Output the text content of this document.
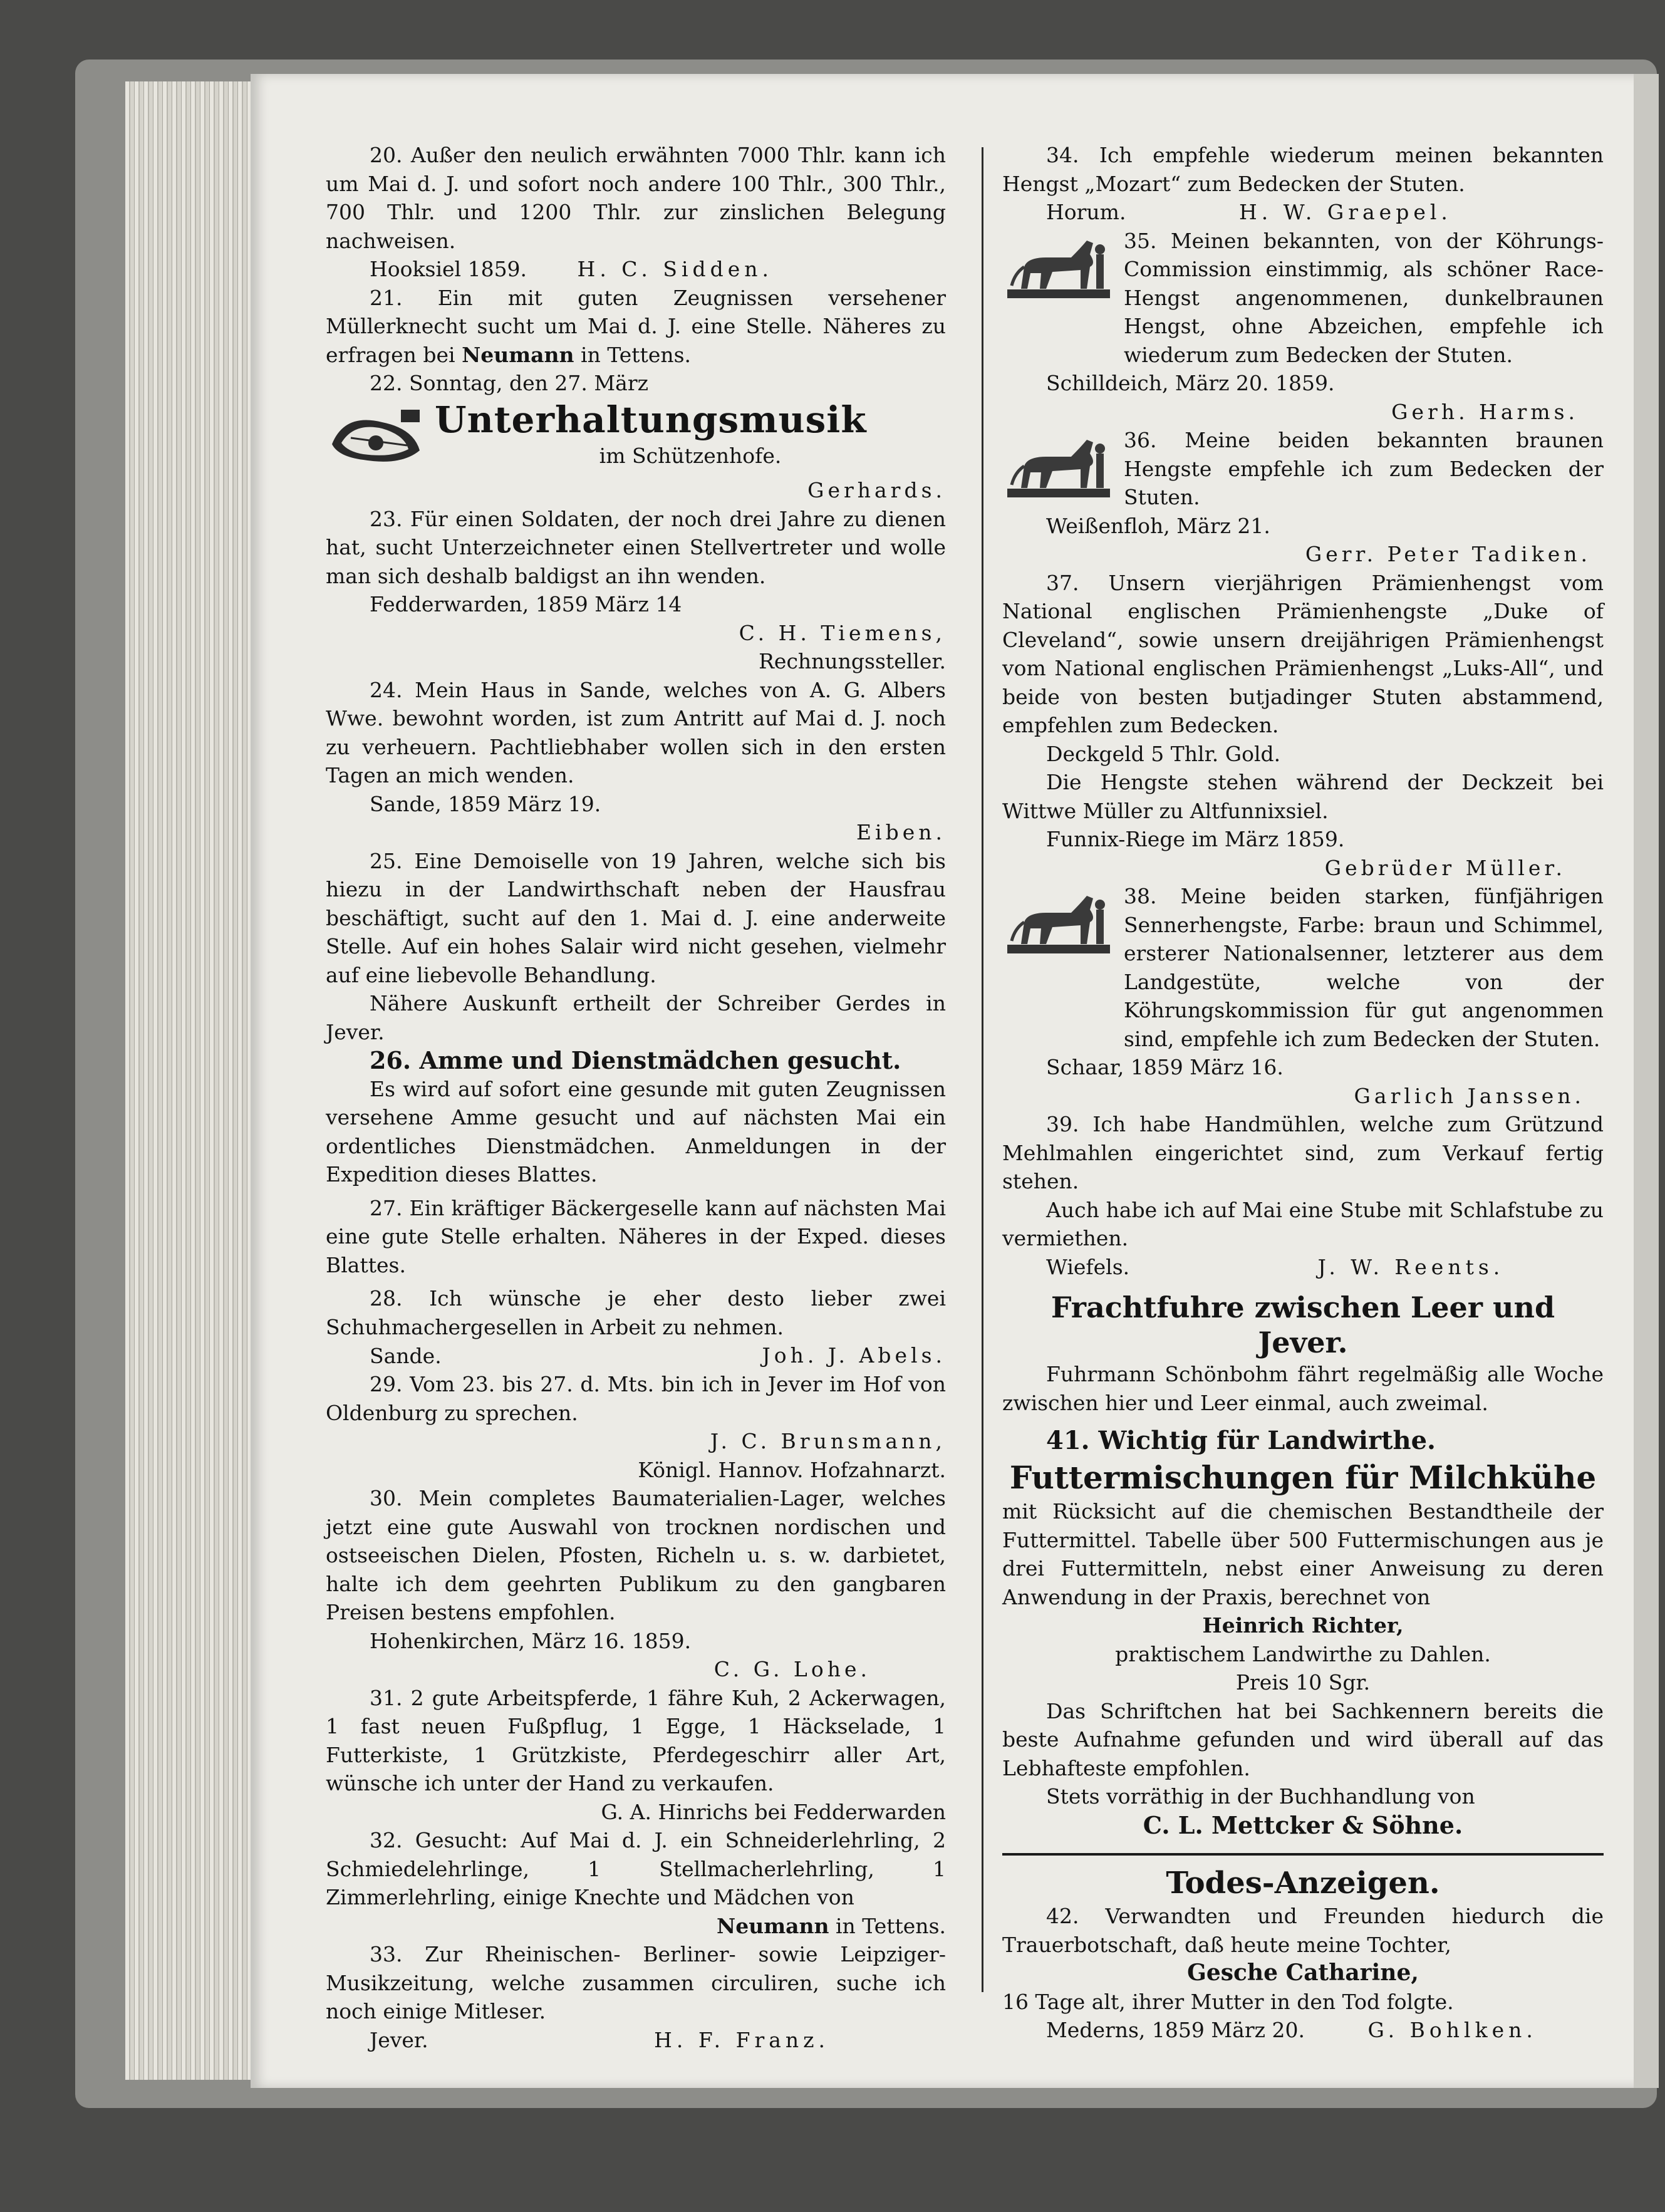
20. Außer den neulich erwähnten 7000 Thlr. kann ich um Mai d. J. und sofort noch andere 100 Thlr., 300 Thlr., 700 Thlr. und 1200 Thlr. zur zinslichen Belegung nachweisen.

Hooksiel 1859. H. C. Sidden.

21. Ein mit guten Zeugnissen versehener Müllerknecht sucht um Mai d. J. eine Stelle. Näheres zu erfragen bei Neumann in Tettens.

22. Sonntag, den 27. März

Unterhaltungsmusik
im Schützenhofe.

Gerhards.

23. Für einen Soldaten, der noch drei Jahre zu dienen hat, sucht Unterzeichneter einen Stellvertreter und wolle man sich deshalb baldigst an ihn wenden.

Fedderwarden, 1859 März 14

C. H. Tiemens,

Rechnungssteller.

24. Mein Haus in Sande, welches von A. G. Albers Wwe. bewohnt worden, ist zum Antritt auf Mai d. J. noch zu verheuern. Pachtliebhaber wollen sich in den ersten Tagen an mich wenden.

Sande, 1859 März 19.

Eiben.

25. Eine Demoiselle von 19 Jahren, welche sich bis hiezu in der Landwirthschaft neben der Hausfrau beschäftigt, sucht auf den 1. Mai d. J. eine anderweite Stelle. Auf ein hohes Salair wird nicht gesehen, vielmehr auf eine liebevolle Behandlung.

Nähere Auskunft ertheilt der Schreiber Gerdes in Jever.

26. Amme und Dienstmädchen gesucht.

Es wird auf sofort eine gesunde mit guten Zeugnissen versehene Amme gesucht und auf nächsten Mai ein ordentliches Dienstmädchen. Anmeldungen in der Expedition dieses Blattes.

27. Ein kräftiger Bäckergeselle kann auf nächsten Mai eine gute Stelle erhalten. Näheres in der Exped. dieses Blattes.

28. Ich wünsche je eher desto lieber zwei Schuhmachergesellen in Arbeit zu nehmen.

Joh. J. Abels.

Sande.

29. Vom 23. bis 27. d. Mts. bin ich in Jever im Hof von Oldenburg zu sprechen.

J. C. Brunsmann,

Königl. Hannov. Hofzahnarzt.

30. Mein completes Baumaterialien-Lager, welches jetzt eine gute Auswahl von trocknen nordischen und ostseeischen Dielen, Pfosten, Richeln u. s. w. darbietet, halte ich dem geehrten Publikum zu den gangbaren Preisen bestens empfohlen.

Hohenkirchen, März 16. 1859.

C. G. Lohe.

31. 2 gute Arbeitspferde, 1 fähre Kuh, 2 Ackerwagen, 1 fast neuen Fußpflug, 1 Egge, 1 Häckselade, 1 Futterkiste, 1 Grützkiste, Pferdegeschirr aller Art, wünsche ich unter der Hand zu verkaufen.

G. A. Hinrichs bei Fedderwarden

32. Gesucht: Auf Mai d. J. ein Schneiderlehrling, 2 Schmiedelehrlinge, 1 Stellmacherlehrling, 1 Zimmerlehrling, einige Knechte und Mädchen von

Neumann in Tettens.

33. Zur Rheinischen- Berliner- sowie Leipziger-Musikzeitung, welche zusammen circuliren, suche ich noch einige Mitleser.

Jever.	H. F. Franz.

34. Ich empfehle wiederum meinen bekannten Hengst „Mozart“ zum Bedecken der Stuten.

Horum.	H. W. Graepel.

35. Meinen bekannten, von der Köhrungs-Commission einstimmig, als schöner Race-Hengst angenommenen, dunkelbraunen Hengst, ohne Abzeichen, empfehle ich wiederum zum Bedecken der Stuten.

Schilldeich, März 20. 1859.

Gerh. Harms.

36. Meine beiden bekannten braunen Hengste empfehle ich zum Bedecken der Stuten.

Weißenfloh, März 21.

Gerr. Peter Tadiken.

37. Unsern vierjährigen Prämienhengst vom National englischen Prämienhengste „Duke of Cleveland“, sowie unsern dreijährigen Prämienhengst vom National englischen Prämienhengst „Luks-All“, und beide von besten butjadinger Stuten abstammend, empfehlen zum Bedecken.

Deckgeld 5 Thlr. Gold.

Die Hengste stehen während der Deckzeit bei Wittwe Müller zu Altfunnixsiel.

Funnix-Riege im März 1859.

Gebrüder Müller.

38. Meine beiden starken, fünfjährigen Sennerhengste, Farbe: braun und Schimmel, ersterer Nationalsenner, letzterer aus dem Landgestüte, welche von der Köhrungskommission für gut angenommen sind, empfehle ich zum Bedecken der Stuten.

Schaar, 1859 März 16.

Garlich Janssen.

39. Ich habe Handmühlen, welche zum Grützund Mehlmahlen eingerichtet sind, zum Verkauf fertig stehen.

Auch habe ich auf Mai eine Stube mit Schlafstube zu vermiethen.

Wiefels.	J. W. Reents.

Frachtfuhre zwischen Leer und Jever.

Fuhrmann Schönbohm fährt regelmäßig alle Woche zwischen hier und Leer einmal, auch zweimal.

41. Wichtig für Landwirthe.

Futtermischungen für Milchkühe

mit Rücksicht auf die chemischen Bestandtheile der Futtermittel. Tabelle über 500 Futtermischungen aus je drei Futtermitteln, nebst einer Anweisung zu deren Anwendung in der Praxis, berechnet von

Heinrich Richter,

praktischem Landwirthe zu Dahlen.

Preis 10 Sgr.

Das Schriftchen hat bei Sachkennern bereits die beste Aufnahme gefunden und wird überall auf das Lebhafteste empfohlen.

Stets vorräthig in der Buchhandlung von

C. L. Mettcker & Söhne.

Todes-Anzeigen.

42. Verwandten und Freunden hiedurch die Trauerbotschaft, daß heute meine Tochter,

Gesche Catharine,

16 Tage alt, ihrer Mutter in den Tod folgte.

Mederns, 1859 März 20.	G. Bohlken.
